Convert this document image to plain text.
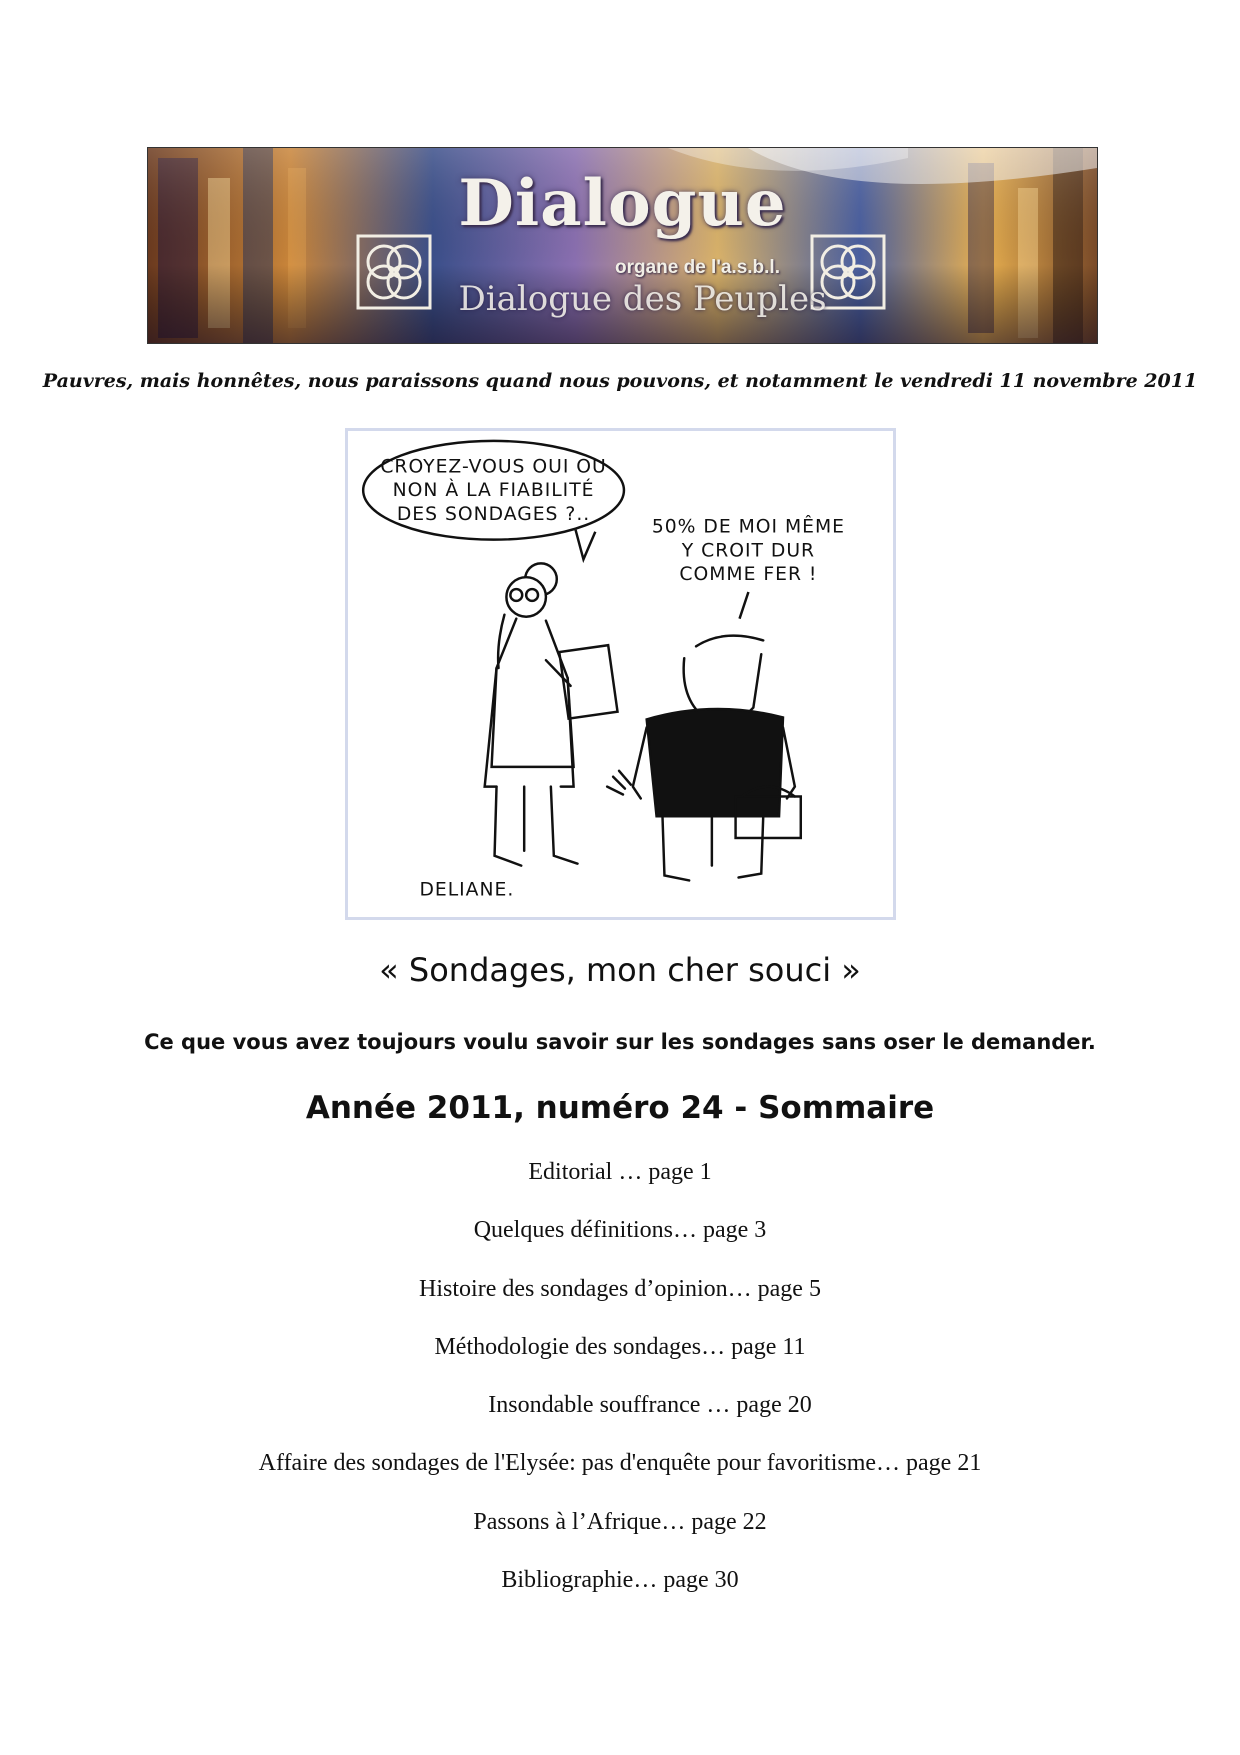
Dialogue
organe de l'a.s.b.l.
Dialogue des Peuples
Pauvres, mais honnêtes, nous paraissons quand nous pouvons, et notamment le vendredi 11 novembre 2011
CROYEZ-VOUS OUI OU
NON À LA FIABILITÉ
DES SONDAGES ?..
50% DE MOI MÊME
Y CROIT DUR
COMME FER !
DELIANE.
« Sondages, mon cher souci »
Ce que vous avez toujours voulu savoir sur les sondages sans oser le demander.
Année 2011, numéro 24 - Sommaire
Editorial … page 1
Quelques définitions… page 3
Histoire des sondages d’opinion… page 5
Méthodologie des sondages… page 11
Insondable souffrance … page 20
Affaire des sondages de l'Elysée: pas d'enquête pour favoritisme… page 21
Passons à l’Afrique… page 22
Bibliographie… page 30
